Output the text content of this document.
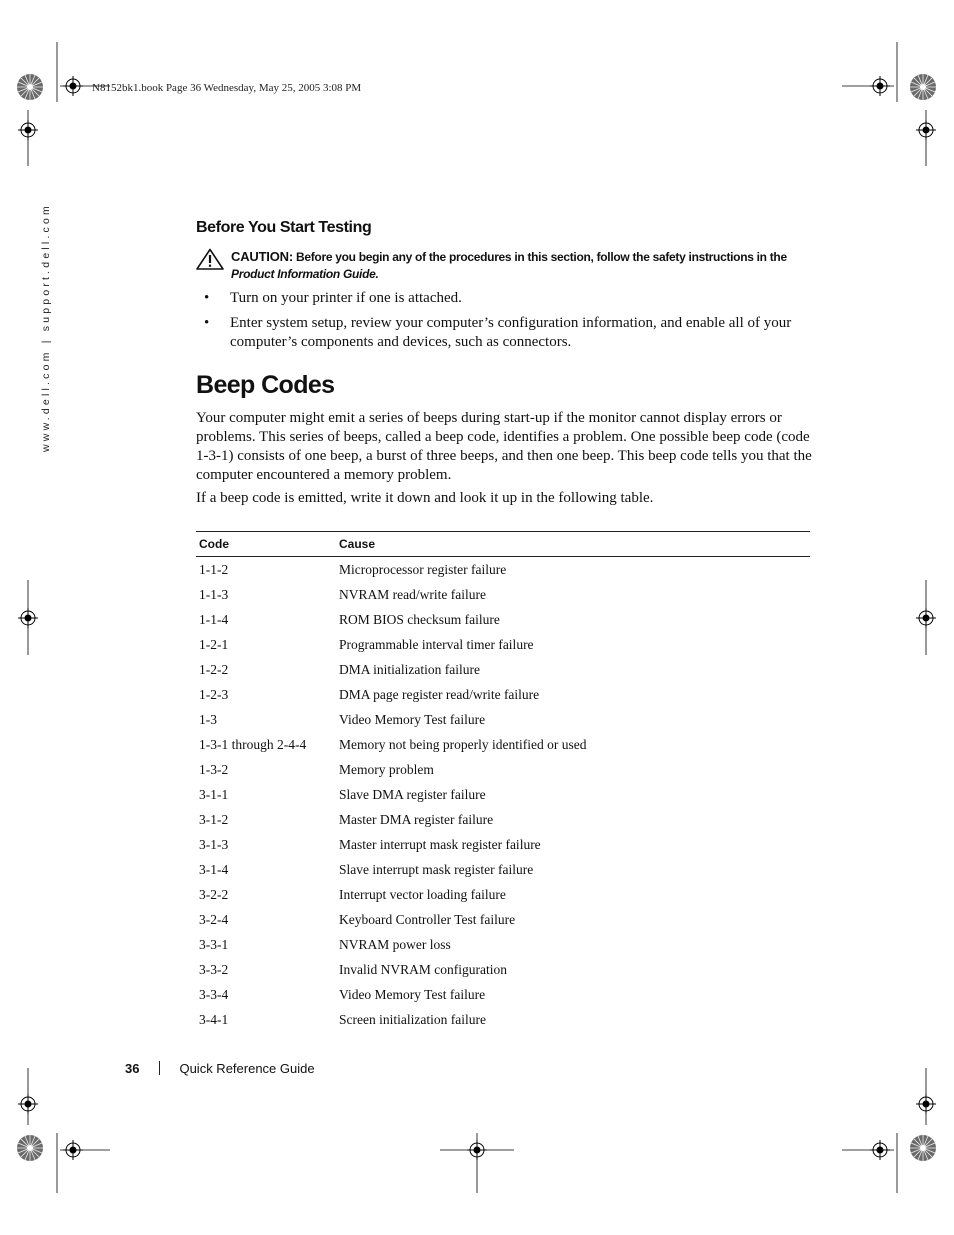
N8152bk1.book Page 36 Wednesday, May 25, 2005 3:08 PM
www.dell.com | support.dell.com	Before You Start Testing
CAUTION: Before you begin any of the procedures in this section, follow the safety instructions in the Product Information Guide.
• Turn on your printer if one is attached.
• Enter system setup, review your computer’s configuration information, and enable all of your computer’s components and devices, such as connectors.
Beep Codes

Your computer might emit a series of beeps during start-up if the monitor cannot display errors or problems. This series of beeps, called a beep code, identifies a problem. One possible beep code (code 1-3-1) consists of one beep, a burst of three beeps, and then one beep. This beep code tells you that the computer encountered a memory problem.

If a beep code is emitted, write it down and look it up in the following table.

Code	Cause
1-1-2	Microprocessor register failure
1-1-3	NVRAM read/write failure
1-1-4	ROM BIOS checksum failure
1-2-1	Programmable interval timer failure
1-2-2	DMA initialization failure
1-2-3	DMA page register read/write failure
1-3	Video Memory Test failure
1-3-1 through 2-4-4	Memory not being properly identified or used
1-3-2	Memory problem
3-1-1	Slave DMA register failure
3-1-2	Master DMA register failure
3-1-3	Master interrupt mask register failure
3-1-4	Slave interrupt mask register failure
3-2-2	Interrupt vector loading failure
3-2-4	Keyboard Controller Test failure
3-3-1	NVRAM power loss
3-3-2	Invalid NVRAM configuration
3-3-4	Video Memory Test failure
3-4-1	Screen initialization failure
36	Quick Reference Guide
